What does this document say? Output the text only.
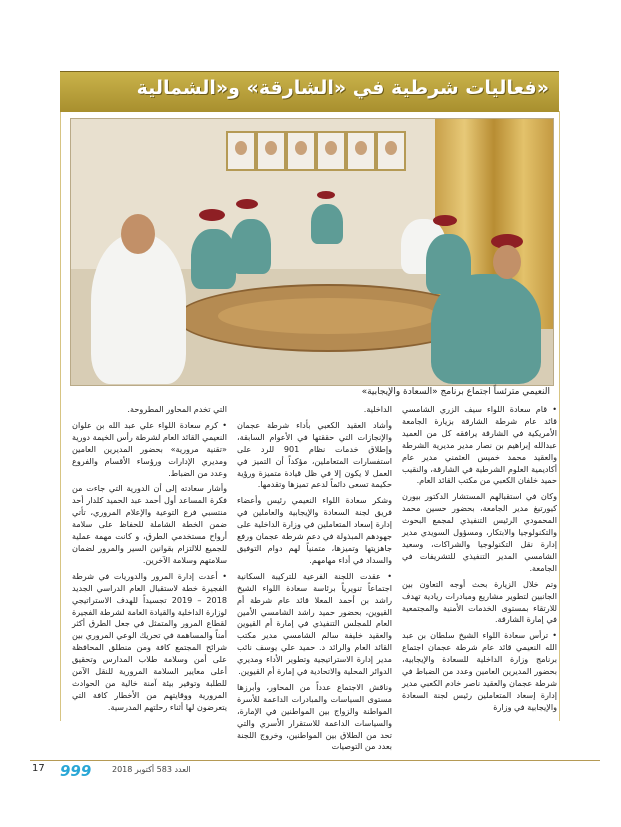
«فعاليات شرطية في «الشارقة» و«الشمالية
النعيمي مترئساً اجتماع برنامج «السعادة والإيجابية»

• قام سعادة اللواء سيف الزري الشامسي قائد عام شرطة الشارقة بزيارة الجامعة الأمريكية في الشارقة يرافقه كل من العميد عبدالله إبراهيم بن نصار مدير مديرية الشرطة والعقيد محمد خميس العثمني مدير عام أكاديمية العلوم الشرطية في الشارقة، والنقيب حميد خلفان الكعبي من مكتب القائد العام.

وكان في استقبالهم المستشار الدكتور بيورن كيورتيغ مدير الجامعة، بحضور حسين محمد المحمودي الرئيس التنفيذي لمجمع البحوث والتكنولوجيا والابتكار، ومسؤول السويدي مدير إدارة نقل التكنولوجيا والشراكات، وسعيد الشامسي المدير التنفيذي للتشريفات في الجامعة.

وتم خلال الزيارة بحث أوجه التعاون بين الجانبين لتطوير مشاريع ومبادرات ريادية تهدف للارتقاء بمستوى الخدمات الأمنية والمجتمعية في إمارة الشارقة.

• ترأس سعادة اللواء الشيخ سلطان بن عبد الله النعيمي قائد عام شرطة عجمان اجتماع برنامج وزارة الداخلية للسعادة والإيجابية، بحضور المديرين العامين وعدد من الضباط في شرطة عجمان والعقيد ناصر خادم الكعبي مدير إدارة إسعاد المتعاملين رئيس لجنة السعادة والإيجابية في وزارة

الداخلية.

وأشاد العقيد الكعبي بأداء شرطة عجمان والإنجازات التي حققتها في الأعوام السابقة، وإطلاق خدمات نظام 901 للرد على استفسارات المتعاملين، مؤكداً أن التميز في العمل لا يكون إلا في ظل قيادة متميزة ورؤية حكيمة تسعى دائماً لدعم تميزها وتقدمها.

وشكر سعادة اللواء النعيمي رئيس وأعضاء فريق لجنة السعادة والإيجابية والعاملين في إدارة إسعاد المتعاملين في وزارة الداخلية على جهودهم المبذولة في دعم شرطة عجمان ورفع جاهزيتها وتميزها، متمنياً لهم دوام التوفيق والسداد في أداء مهامهم.

• عقدت اللجنة الفرعية للتركيبة السكانية اجتماعاً تنويرياً برئاسة سعادة اللواء الشيخ راشد بن أحمد المعلا قائد عام شرطة أم القيوين، بحضور حميد راشد الشامسي الأمين العام للمجلس التنفيذي في إمارة أم القيوين والعقيد خليفة سالم الشامسي مدير مكتب القائد العام والرائد د. حميد علي يوسف نائب مدير إدارة الاستراتيجية وتطوير الأداء ومديري الدوائر المحلية والاتحادية في إمارة أم القيوين.

وناقش الاجتماع عدداً من المحاور، وأبرزها مستوى السياسات والمبادرات الداعمة للأسرة المواطنة والزواج بين المواطنين في الإمارة، والسياسات الداعمة للاستقرار الأسري والتي تحد من الطلاق بين المواطنين، وخروج اللجنة بعدد من التوصيات

التي تخدم المحاور المطروحة.

• كرم سعادة اللواء علي عبد الله بن علوان النعيمي القائد العام لشرطة رأس الخيمة دورية «تقنية مرورية» بحضور المديرين العامين ومديري الإدارات ورؤساء الأقسام والفروع وعدد من الضباط.

وأشار سعادته إلى أن الدورية التي جاءت من فكرة المساعد أول أحمد عبد الحميد كلدار أحد منتسبي فرع التوعية والإعلام المروري، تأتي ضمن الخطة الشاملة للحفاظ على سلامة أرواح مستخدمي الطرق، و كانت مهمة عملية للجميع للالتزام بقوانين السير والمرور لضمان سلامتهم وسلامة الآخرين.

• أعدت إدارة المرور والدوريات في شرطة الفجيرة خطة لاستقبال العام الدراسي الجديد 2018 – 2019 تجسيداً للهدف الاستراتيجي لوزارة الداخلية والقيادة العامة لشرطة الفجيرة لقطاع المرور والمتمثل في جعل الطرق أكثر أمناً والمساهمة في تحريك الوعي المروري بين شرائح المجتمع كافة ومن منطلق المحافظة على أمن وسلامة طلاب المدارس وتحقيق أعلى معايير السلامة المرورية للنقل الآمن للطلبة وتوفير بيئة آمنة خالية من الحوادث المرورية ووقايتهم من الأخطار كافة التي يتعرضون لها أثناء رحلتهم المدرسية.

17 999	العدد 583 أكتوبر 2018
